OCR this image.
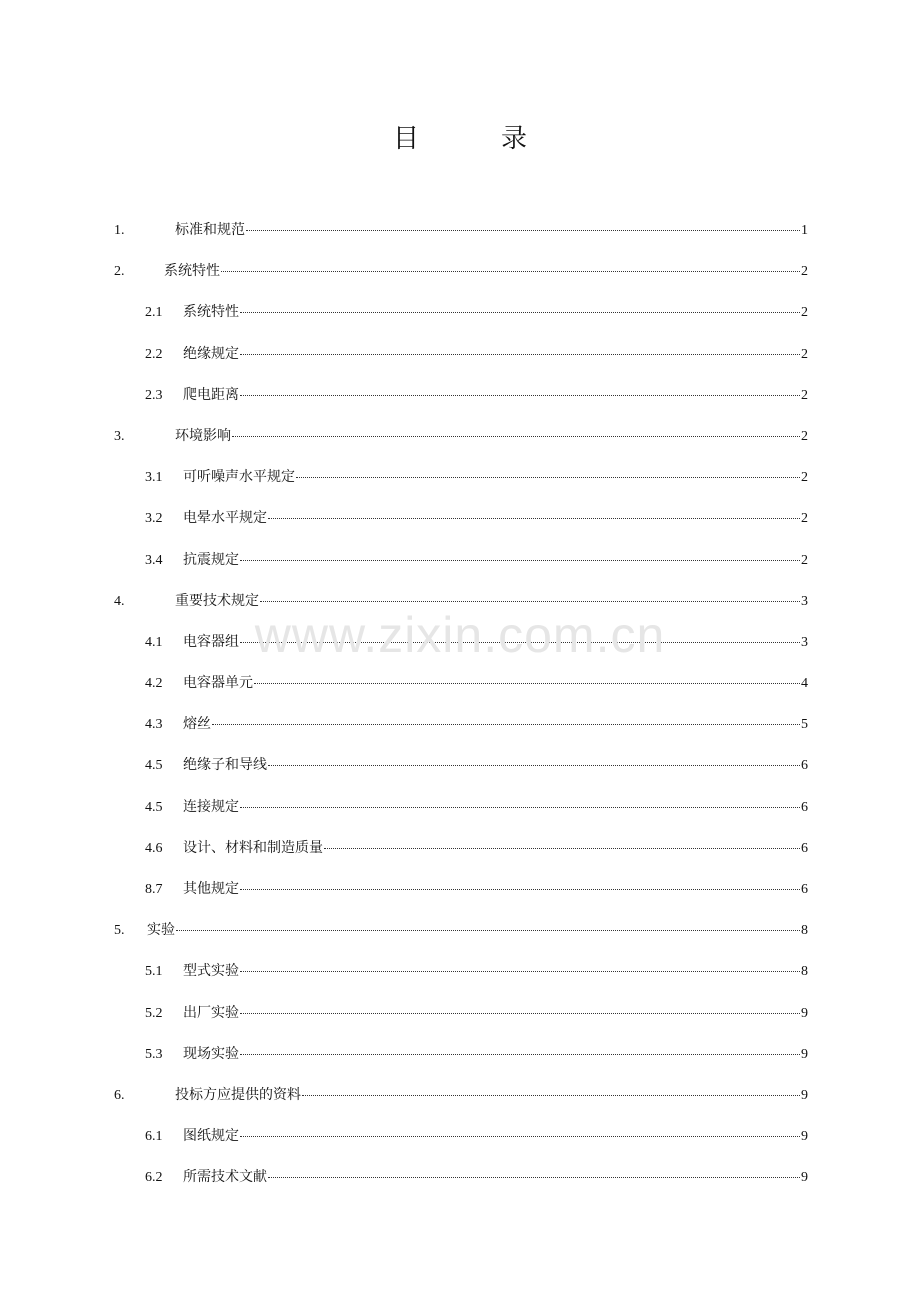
目　录
1.	标准和规范	1
2.	系统特性	2
2.1	系统特性	2
2.2	绝缘规定	2
2.3	爬电距离	2
3.	环境影响	2
3.1	可听噪声水平规定	2
3.2	电晕水平规定	2
3.4	抗震规定	2
4.	重要技术规定	3
4.1	电容器组	3
4.2	电容器单元	4
4.3	熔丝	5
4.5	绝缘子和导线	6
4.5	连接规定	6
4.6	设计、材料和制造质量	6
8.7	其他规定	6
5.	实验	8
5.1	型式实验	8
5.2	出厂实验	9
5.3	现场实验	9
6.	投标方应提供的资料	9
6.1	图纸规定	9
6.2	所需技术文献	9
www.zixin.com.cn
